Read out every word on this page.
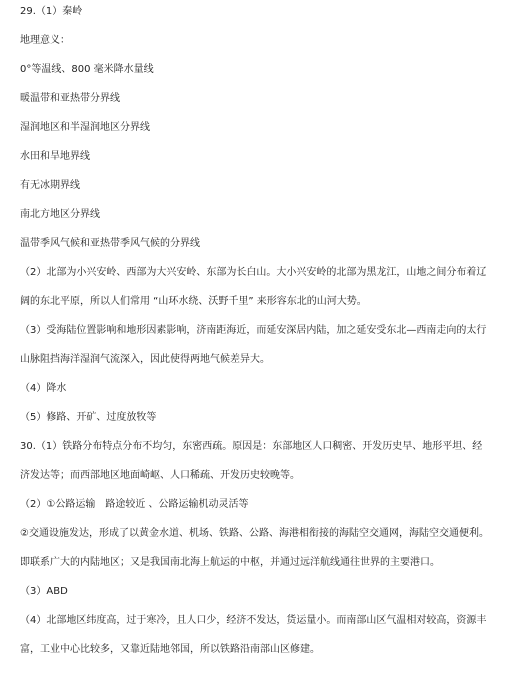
29.（1）秦岭
地理意义：
0°等温线、800 毫米降水量线
暖温带和亚热带分界线
湿润地区和半湿润地区分界线
水田和旱地界线
有无冰期界线
南北方地区分界线
温带季风气候和亚热带季风气候的分界线
（2）北部为小兴安岭、西部为大兴安岭、东部为长白山。大小兴安岭的北部为黑龙江，山地之间分布着辽
阔的东北平原，所以人们常用 “山环水绕、沃野千里” 来形容东北的山河大势。
（3）受海陆位置影响和地形因素影响，济南距海近，而延安深居内陆，加之延安受东北—西南走向的太行
山脉阻挡海洋湿润气流深入，因此使得两地气候差异大。
（4）降水
（5）修路、开矿、过度放牧等
30.（1）铁路分布特点分布不均匀，东密西疏。原因是：东部地区人口稠密、开发历史早、地形平坦、经
济发达等；而西部地区地面崎岖、人口稀疏、开发历史较晚等。
（2）①公路运输　路途较近 、公路运输机动灵活等
②交通设施发达，形成了以黄金水道、机场、铁路、公路、海港相衔接的海陆空交通网，海陆空交通便利。
即联系广大的内陆地区；又是我国南北海上航运的中枢，并通过远洋航线通往世界的主要港口。
（3）ABD
（4）北部地区纬度高，过于寒冷，且人口少，经济不发达，货运量小。而南部山区气温相对较高，资源丰
富，工业中心比较多，又靠近陆地邻国，所以铁路沿南部山区修建。
